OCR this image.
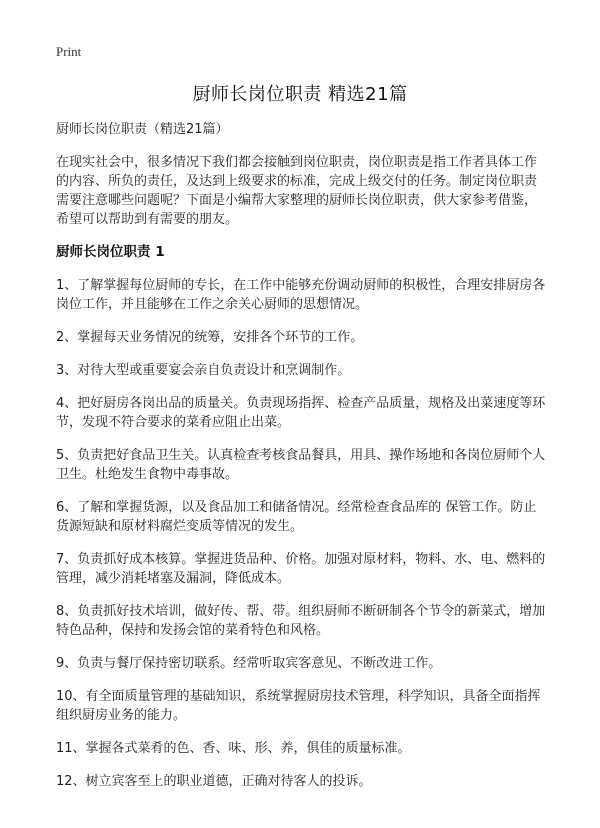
Print
厨师长岗位职责 精选21篇

厨师长岗位职责（精选21篇）

在现实社会中，很多情况下我们都会接触到岗位职责，岗位职责是指工作者具体工作的内容、所负的责任，及达到上级要求的标准，完成上级交付的任务。制定岗位职责需要注意哪些问题呢？下面是小编帮大家整理的厨师长岗位职责，供大家参考借鉴，希望可以帮助到有需要的朋友。

厨师长岗位职责 1

1、了解掌握每位厨师的专长，在工作中能够充份调动厨师的积极性，合理安排厨房各岗位工作，并且能够在工作之余关心厨师的思想情况。

2、掌握每天业务情况的统筹，安排各个环节的工作。

3、对待大型或重要宴会亲自负责设计和烹调制作。

4、把好厨房各岗出品的质量关。负责现场指挥、检查产品质量，规格及出菜速度等环节，发现不符合要求的菜肴应阻止出菜。

5、负责把好食品卫生关。认真检查考核食品餐具，用具、操作场地和各岗位厨师个人卫生。杜绝发生食物中毒事故。

6、了解和掌握货源，以及食品加工和储备情况。经常检查食品库的 保管工作。防止货源短缺和原材料腐烂变质等情况的发生。

7、负责抓好成本核算。掌握进货品种、价格。加强对原材料，物料、水、电、燃料的管理，减少消耗堵塞及漏洞，降低成本。

8、负责抓好技术培训，做好传、帮、带。组织厨师不断研制各个节令的新菜式，增加特色品种，保持和发扬会馆的菜肴特色和风格。

9、负责与餐厅保持密切联系。经常听取宾客意见、不断改进工作。

10、有全面质量管理的基础知识，系统掌握厨房技术管理，科学知识，具备全面指挥组织厨房业务的能力。

11、掌握各式菜肴的色、香、味、形、养，俱佳的质量标准。

12、树立宾客至上的职业道德，正确对待客人的投诉。
